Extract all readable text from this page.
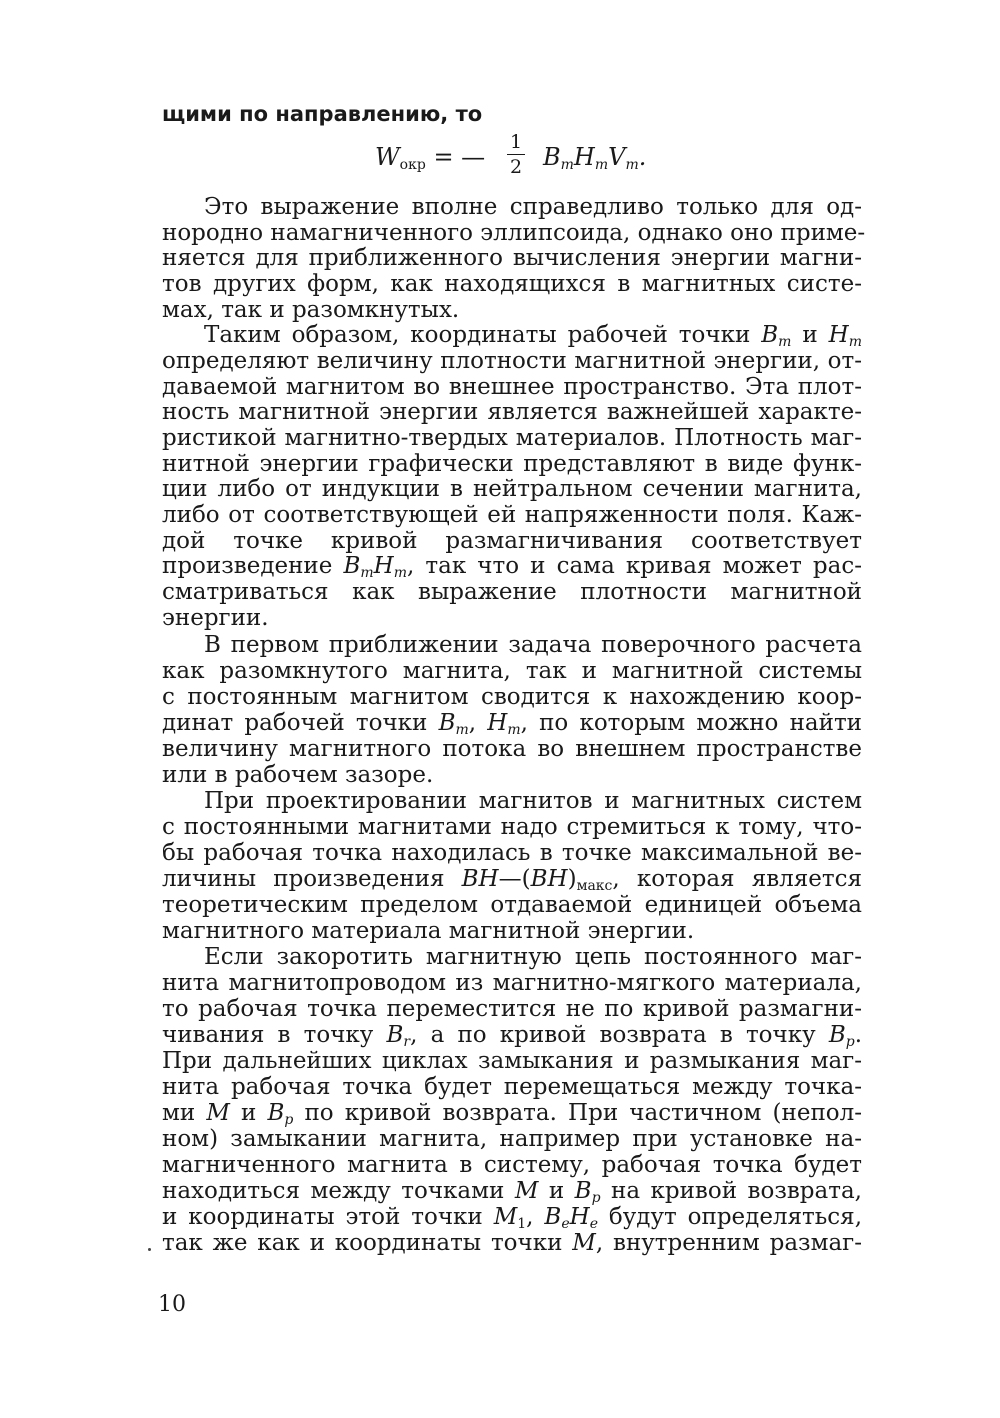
щими по направлению, то
$W_{окр}$ = —
1
2 $B_mH_mV_m$.
Это выражение вполне справедливо только для од-
нородно намагниченного эллипсоида, однако оно приме-
няется для приближенного вычисления энергии магни-
тов других форм, как находящихся в магнитных систе-
мах, так и разомкнутых.
Таким образом, координаты рабочей точки $B_m$ и $H_m$
определяют величину плотности магнитной энергии, от-
даваемой магнитом во внешнее пространство. Эта плот-
ность магнитной энергии является важнейшей характе-
ристикой магнитно-твердых материалов. Плотность маг-
нитной энергии графически представляют в виде функ-
ции либо от индукции в нейтральном сечении магнита,
либо от соответствующей ей напряженности поля. Каж-
дой точке кривой размагничивания соответствует
произведение $B_mH_m$, так что и сама кривая может рас-
сматриваться как выражение плотности магнитной
энергии.
В первом приближении задача поверочного расчета
как разомкнутого магнита, так и магнитной системы
с постоянным магнитом сводится к нахождению коор-
динат рабочей точки $B_m$, $H_m$, по которым можно найти
величину магнитного потока во внешнем пространстве
или в рабочем зазоре.
При проектировании магнитов и магнитных систем
с постоянными магнитами надо стремиться к тому, что-
бы рабочая точка находилась в точке максимальной ве-
личины произведения $BH—(BH)_{макс}$, которая является
теоретическим пределом отдаваемой единицей объема
магнитного материала магнитной энергии.
Если закоротить магнитную цепь постоянного маг-
нита магнитопроводом из магнитно-мягкого материала,
то рабочая точка переместится не по кривой размагни-
чивания в точку $B_r$, а по кривой возврата в точку $B_p$.
При дальнейших циклах замыкания и размыкания маг-
нита рабочая точка будет перемещаться между точка-
ми M и $B_p$ по кривой возврата. При частичном (непол-
ном) замыкании магнита, например при установке на-
магниченного магнита в систему, рабочая точка будет
находиться между точками M и $B_p$ на кривой возврата,
и координаты этой точки $M_1$, $B_eH_e$ будут определяться,
так же как и координаты точки M, внутренним размаг-
10
